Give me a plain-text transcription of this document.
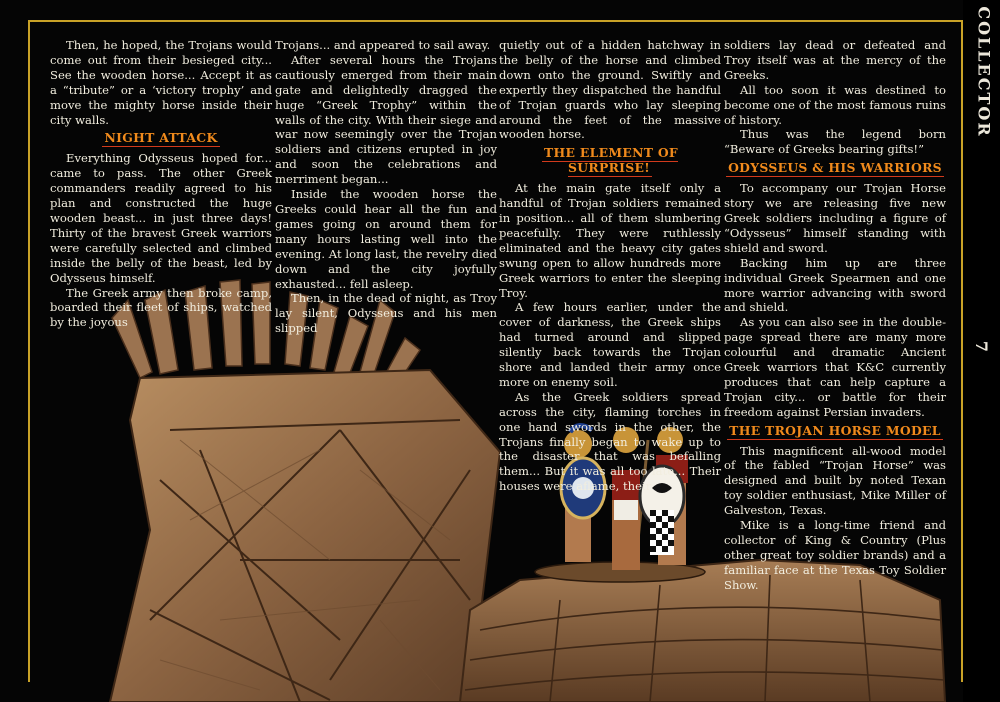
COLLECTOR
7

Then, he hoped, the Trojans would come out from their besieged city... See the wooden horse... Accept it as a “tribute” or a ‘victory trophy’ and move the mighty horse inside their city walls.

NIGHT ATTACK

Everything Odysseus hoped for... came to pass. The other Greek commanders readily agreed to his plan and constructed the huge wooden beast... in just three days! Thirty of the bravest Greek warriors were carefully selected and climbed inside the belly of the beast, led by Odysseus himself.

The Greek army then broke camp, boarded their fleet of ships, watched by the joyous

Trojans... and appeared to sail away.

After several hours the Trojans cautiously emerged from their main gate and delightedly dragged the huge “Greek Trophy” within the walls of the city. With their siege and war now seemingly over the Trojan soldiers and citizens erupted in joy and soon the celebrations and merriment began...

Inside the wooden horse the Greeks could hear all the fun and games going on around them for many hours lasting well into the evening. At long last, the revelry died down and the city joyfully exhausted... fell asleep.

Then, in the dead of night, as Troy lay silent, Odysseus and his men slipped

quietly out of a hidden hatchway in the belly of the horse and climbed down onto the ground. Swiftly and expertly they dispatched the handful of Trojan guards who lay sleeping around the feet of the massive wooden horse.

THE ELEMENT OF SURPRISE!

At the main gate itself only a handful of Trojan soldiers remained in position... all of them slumbering peacefully. They were ruthlessly eliminated and the heavy city gates swung open to allow hundreds more Greek warriors to enter the sleeping Troy.

A few hours earlier, under the cover of darkness, the Greek ships had turned around and slipped silently back towards the Trojan shore and landed their army once more on enemy soil.

As the Greek soldiers spread across the city, flaming torches in one hand swords in the other, the Trojans finally began to wake up to the disaster that was befalling them... But it was all too late... Their houses were aflame, their

soldiers lay dead or defeated and Troy itself was at the mercy of the Greeks.

All too soon it was destined to become one of the most famous ruins of history.

Thus was the legend born “Beware of Greeks bearing gifts!”

ODYSSEUS & HIS WARRIORS

To accompany our Trojan Horse story we are releasing five new Greek soldiers including a figure of “Odysseus” himself standing with shield and sword.

Backing him up are three individual Greek Spearmen and one more warrior advancing with sword and shield.

As you can also see in the double-page spread there are many more colourful and dramatic Ancient Greek warriors that K&C currently produces that can help capture a Trojan city... or battle for their freedom against Persian invaders.

THE TROJAN HORSE MODEL

This magnificent all-wood model of the fabled “Trojan Horse” was designed and built by noted Texan toy soldier enthusiast, Mike Miller of Galveston, Texas.

Mike is a long-time friend and collector of King & Country (Plus other great toy soldier brands) and a familiar face at the Texas Toy Soldier Show.
